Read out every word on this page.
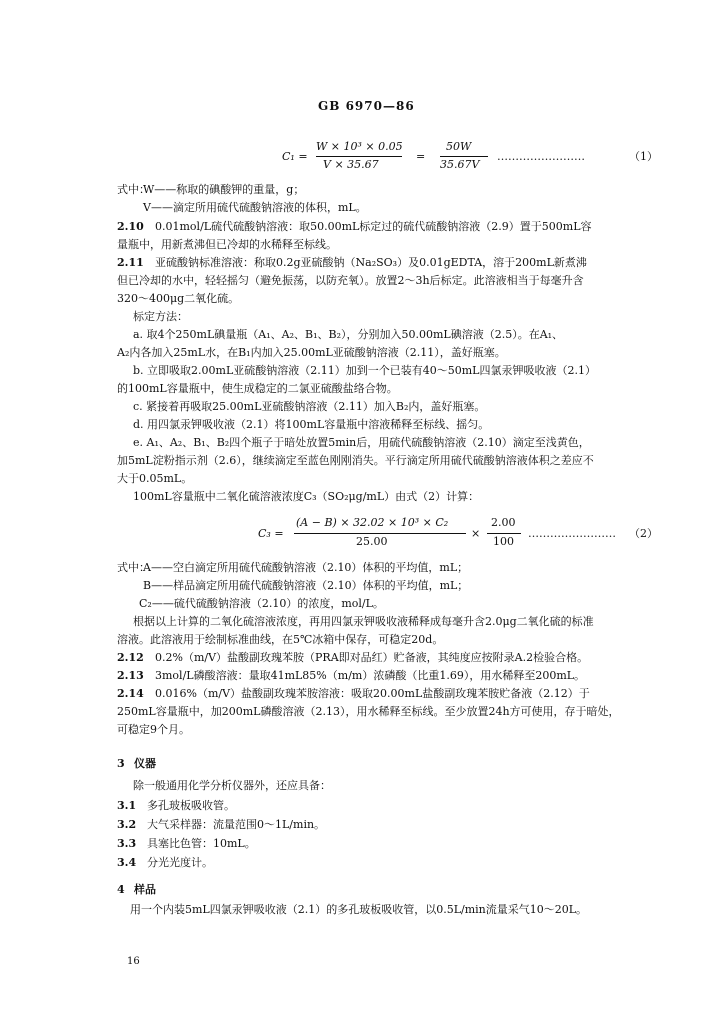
GB 6970—86
C₁ =
W × 10³ × 0.05
V × 35.67
=
50W
35.67V
……………………	（1）
式中：
W——称取的碘酸钾的重量，g；
V——滴定所用硫代硫酸钠溶液的体积，mL。
2.10 0.01mol/L硫代硫酸钠溶液：取50.00mL标定过的硫代硫酸钠溶液（2.9）置于500mL容
量瓶中，用新煮沸但已冷却的水稀释至标线。
2.11 亚硫酸钠标准溶液：称取0.2g亚硫酸钠（Na₂SO₃）及0.01gEDTA，溶于200mL新煮沸
但已冷却的水中，轻轻摇匀（避免振荡，以防充氧）。放置2～3h后标定。此溶液相当于每毫升含
320～400μg二氧化硫。
标定方法：
a. 取4个250mL碘量瓶（A₁、A₂、B₁、B₂），分别加入50.00mL碘溶液（2.5）。在A₁、
A₂内各加入25mL水，在B₁内加入25.00mL亚硫酸钠溶液（2.11），盖好瓶塞。
b. 立即吸取2.00mL亚硫酸钠溶液（2.11）加到一个已装有40～50mL四氯汞钾吸收液（2.1）
的100mL容量瓶中，使生成稳定的二氯亚硫酸盐络合物。
c. 紧接着再吸取25.00mL亚硫酸钠溶液（2.11）加入B₂内，盖好瓶塞。
d. 用四氯汞钾吸收液（2.1）将100mL容量瓶中溶液稀释至标线、摇匀。
e. A₁、A₂、B₁、B₂四个瓶子于暗处放置5min后，用硫代硫酸钠溶液（2.10）滴定至浅黄色，
加5mL淀粉指示剂（2.6），继续滴定至蓝色刚刚消失。平行滴定所用硫代硫酸钠溶液体积之差应不
大于0.05mL。
100mL容量瓶中二氧化硫溶液浓度C₃（SO₂μg/mL）由式（2）计算：
C₃ =
(A − B) × 32.02 × 10³ × C₂
25.00
×
2.00
100
…………………… （2）
式中：
A——空白滴定所用硫代硫酸钠溶液（2.10）体积的平均值，mL；
B——样品滴定所用硫代硫酸钠溶液（2.10）体积的平均值，mL；
C₂——硫代硫酸钠溶液（2.10）的浓度，mol/L。
根据以上计算的二氧化硫溶液浓度，再用四氯汞钾吸收液稀释成每毫升含2.0μg二氧化硫的标准
溶液。此溶液用于绘制标准曲线，在5℃冰箱中保存，可稳定20d。
2.12 0.2%（m/V）盐酸副玫瑰苯胺（PRA即对品红）贮备液，其纯度应按附录A.2检验合格。
2.13 3mol/L磷酸溶液：量取41mL85%（m/m）浓磷酸（比重1.69），用水稀释至200mL。
2.14 0.016%（m/V）盐酸副玫瑰苯胺溶液：吸取20.00mL盐酸副玫瑰苯胺贮备液（2.12）于
250mL容量瓶中，加200mL磷酸溶液（2.13），用水稀释至标线。至少放置24h方可使用，存于暗处，
可稳定9个月。
3 仪器
除一般通用化学分析仪器外，还应具备：
3.1 多孔玻板吸收管。
3.2 大气采样器：流量范围0～1L/min。
3.3 具塞比色管：10mL。
3.4 分光光度计。
4 样品
用一个内装5mL四氯汞钾吸收液（2.1）的多孔玻板吸收管，以0.5L/min流量采气10～20L。
16
